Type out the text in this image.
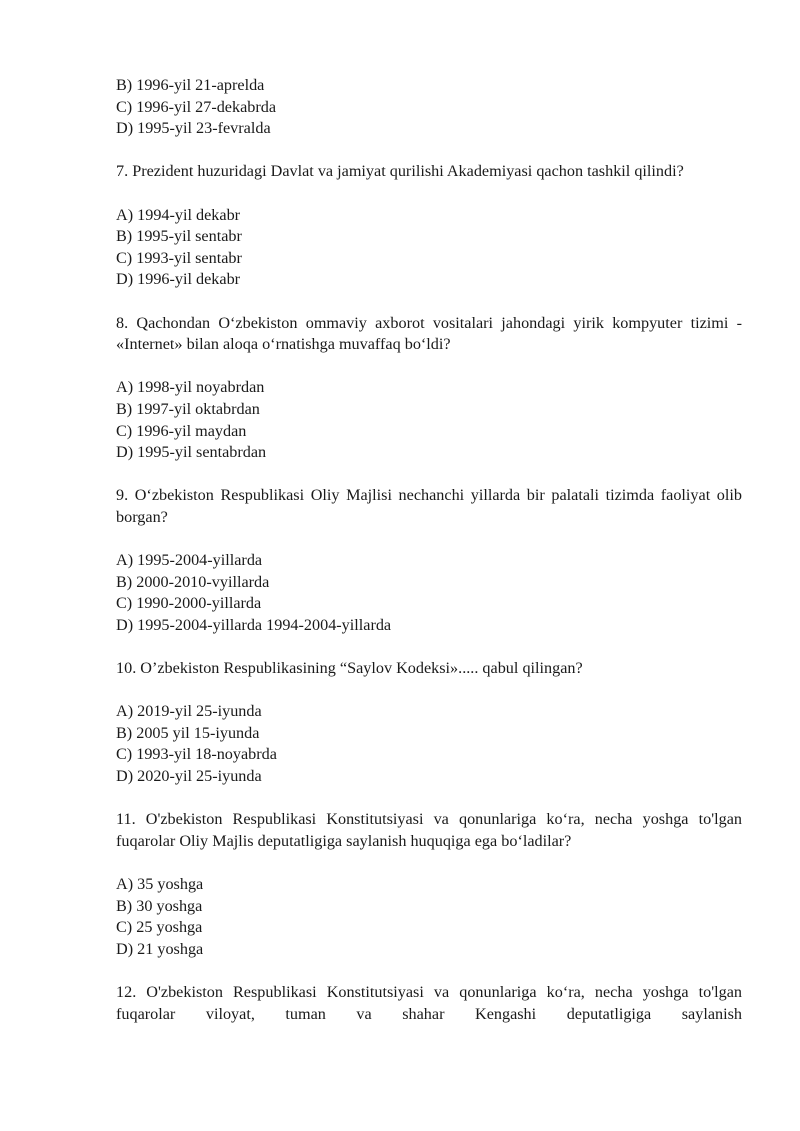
B) 1996-yil 21-aprelda
C) 1996-yil 27-dekabrda
D) 1995-yil 23-fevralda
7. Prezident huzuridagi Davlat va jamiyat qurilishi Akademiyasi qachon tashkil qilindi?
A) 1994-yil dekabr
B) 1995-yil sentabr
C) 1993-yil sentabr
D) 1996-yil dekabr
8. Qachondan Oʻzbekiston ommaviy axborot vositalari jahondagi yirik kompyuter tizimi - «Internet» bilan aloqa oʻrnatishga muvaffaq boʻldi?
A) 1998-yil noyabrdan
B) 1997-yil oktabrdan
C) 1996-yil maydan
D) 1995-yil sentabrdan
9. Oʻzbekiston Respublikasi Oliy Majlisi nechanchi yillarda bir palatali tizimda faoliyat olib borgan?
A) 1995-2004-yillarda
B) 2000-2010-vyillarda
C) 1990-2000-yillarda
D) 1995-2004-yillarda 1994-2004-yillarda
10. O’zbekiston Respublikasining “Saylov Kodeksi»..... qabul qilingan?
A) 2019-yil 25-iyunda
B) 2005 yil 15-iyunda
C) 1993-yil 18-noyabrda
D) 2020-yil 25-iyunda
11. O'zbekiston Respublikasi Konstitutsiyasi va qonunlariga koʻra, necha yoshga to'lgan fuqarolar Oliy Majlis deputatligiga saylanish huquqiga ega boʻladilar?
A) 35 yoshga
B) 30 yoshga
C) 25 yoshga
D) 21 yoshga
12. O'zbekiston Respublikasi Konstitutsiyasi va qonunlariga koʻra, necha yoshga to'lgan fuqarolar viloyat, tuman va shahar Kengashi deputatligiga saylanish
